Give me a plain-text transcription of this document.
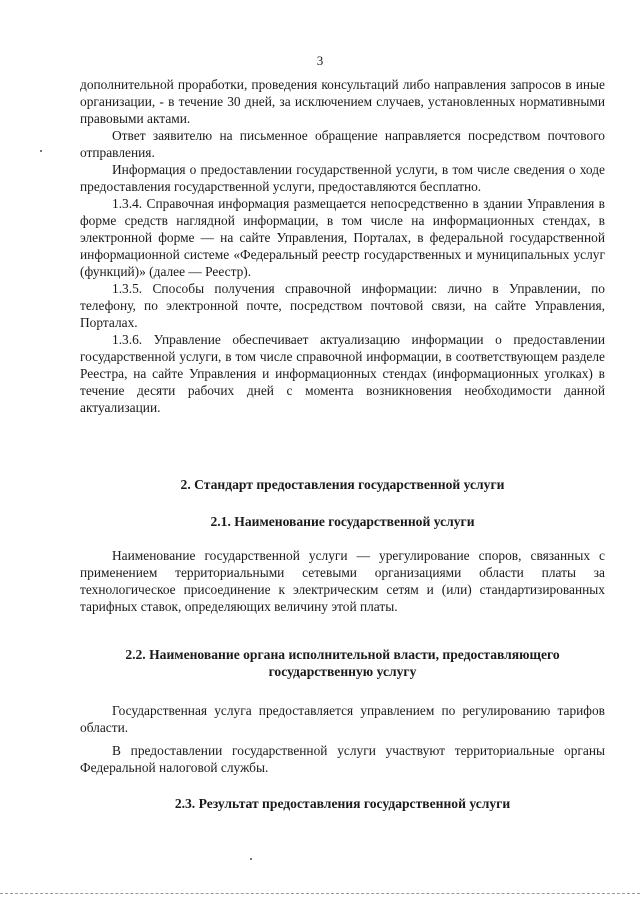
3

дополнительной проработки, проведения консультаций либо направления запросов в иные организации, - в течение 30 дней, за исключением случаев, установленных нормативными правовыми актами.

Ответ заявителю на письменное обращение направляется посредством почтового отправления.

Информация о предоставлении государственной услуги, в том числе сведения о ходе предоставления государственной услуги, предоставляются бесплатно.

1.3.4. Справочная информация размещается непосредственно в здании Управления в форме средств наглядной информации, в том числе на информационных стендах, в электронной форме — на сайте Управления, Порталах, в федеральной государственной информационной системе «Федеральный реестр государственных и муниципальных услуг (функций)» (далее — Реестр).

1.3.5. Способы получения справочной информации: лично в Управлении, по телефону, по электронной почте, посредством почтовой связи, на сайте Управления, Порталах.

1.3.6. Управление обеспечивает актуализацию информации о предоставлении государственной услуги, в том числе справочной информации, в соответствующем разделе Реестра, на сайте Управления и информационных стендах (информационных уголках) в течение десяти рабочих дней с момента возникновения необходимости данной актуализации.

2. Стандарт предоставления государственной услуги
2.1. Наименование государственной услуги

Наименование государственной услуги — урегулирование споров, связанных с применением территориальными сетевыми организациями области платы за технологическое присоединение к электрическим сетям и (или) стандартизированных тарифных ставок, определяющих величину этой платы.

2.2. Наименование органа исполнительной власти, предоставляющего
государственную услугу

Государственная услуга предоставляется управлением по регулированию тарифов области.

В предоставлении государственной услуги участвуют территориальные органы Федеральной налоговой службы.

2.3. Результат предоставления государственной услуги
